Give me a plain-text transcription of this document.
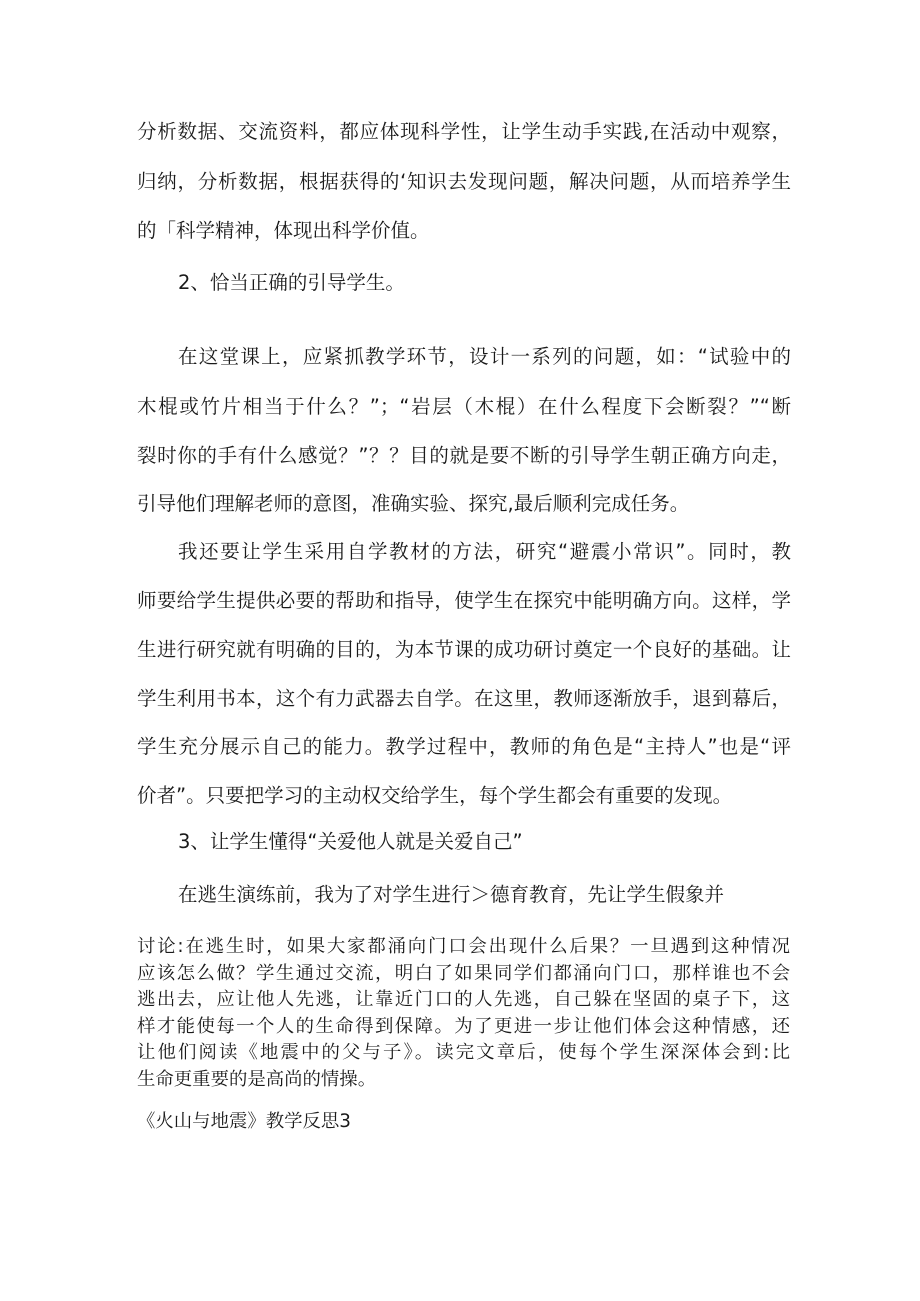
分析数据、交流资料，都应体现科学性，让学生动手实践,在活动中观察，
归纳，分析数据，根据获得的‘知识去发现问题，解决问题，从而培养学生
的「科学精神，体现出科学价值。
2、恰当正确的引导学生。
在这堂课上，应紧抓教学环节，设计一系列的问题，如：“试验中的
木棍或竹片相当于什么？”；“岩层（木棍）在什么程度下会断裂？”“断
裂时你的手有什么感觉？”？？目的就是要不断的引导学生朝正确方向走，
引导他们理解老师的意图，准确实验、探究,最后顺利完成任务。
我还要让学生采用自学教材的方法，研究“避震小常识”。同时，教
师要给学生提供必要的帮助和指导，使学生在探究中能明确方向。这样，学
生进行研究就有明确的目的，为本节课的成功研讨奠定一个良好的基础。让
学生利用书本，这个有力武器去自学。在这里，教师逐渐放手，退到幕后，
学生充分展示自己的能力。教学过程中，教师的角色是“主持人”也是“评
价者”。只要把学习的主动权交给学生，每个学生都会有重要的发现。
3、让学生懂得“关爱他人就是关爱自己”
在逃生演练前，我为了对学生进行＞德育教育，先让学生假象并
讨论:在逃生时，如果大家都涌向门口会出现什么后果？一旦遇到这种情况
应该怎么做？学生通过交流，明白了如果同学们都涌向门口，那样谁也不会
逃出去，应让他人先逃，让靠近门口的人先逃，自己躲在坚固的桌子下，这
样才能使每一个人的生命得到保障。为了更进一步让他们体会这种情感，还
让他们阅读《地震中的父与子》。读完文章后，使每个学生深深体会到:比
生命更重要的是高尚的情操。
《火山与地震》教学反思3
